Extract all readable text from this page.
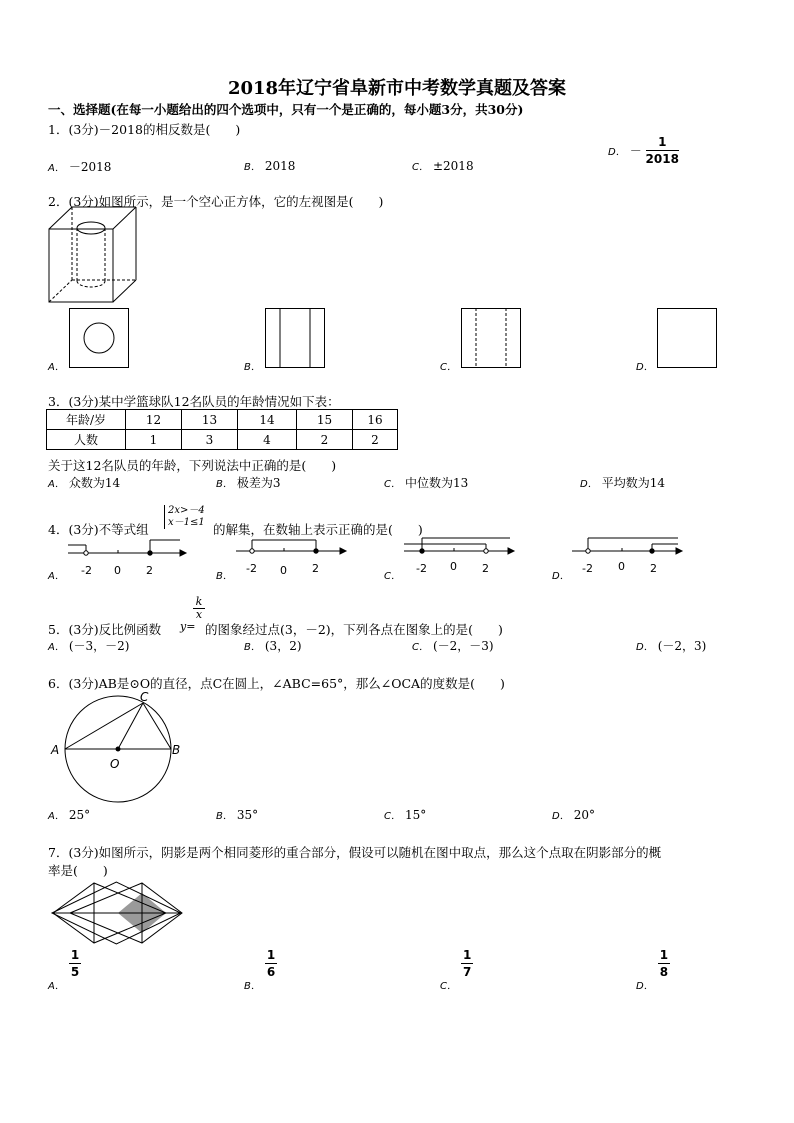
2018年辽宁省阜新市中考数学真题及答案
一、选择题(在每一小题给出的四个选项中，只有一个是正确的，每小题3分，共30分)
1．(3分)－2018的相反数是(　　)
A． －2018	B． 2018	C． ±2018
D． － $\frac{1}{2018}$
2．(3分)如图所示，是一个空心正方体，它的左视图是(　　)
A．	B．	C．	D．
3．(3分)某中学篮球队12名队员的年龄情况如下表：
年龄/岁	12	13	14	15	16
人数	1	3	4	2	2
关于这12名队员的年龄，下列说法中正确的是(　　)
A． 众数为14	B． 极差为3	C． 中位数为13	D． 平均数为14
4．(3分)不等式组
2x>－4
x－1≤1 的解集，在数轴上表示正确的是(　　)
A．	-2 0 2	B．
-2 0 2
C．
-2 0 2
D．
-2 0 2
5．(3分)反比例函数 y=
k
x
的图象经过点(3，－2)，下列各点在图象上的是(　　)
A． (－3，－2)	B． (3，2)	C． (－2，－3)	D． (－2，3)
6．(3分)AB是⊙O的直径，点C在圆上，∠ABC=65°，那么∠OCA的度数是(　　)
A	B
C
O
A． 25°	B． 35°	C． 15°	D． 20°
7．(3分)如图所示，阴影是两个相同菱形的重合部分，假设可以随机在图中取点，那么这个点取在阴影部分的概
率是(　　)
$_{A.}$
$\frac{1}{5}$
$_{B.}$
$\frac{1}{6}$
$_{C.}$
$\frac{1}{7}$
$_{D.}$
$\frac{1}{8}$
